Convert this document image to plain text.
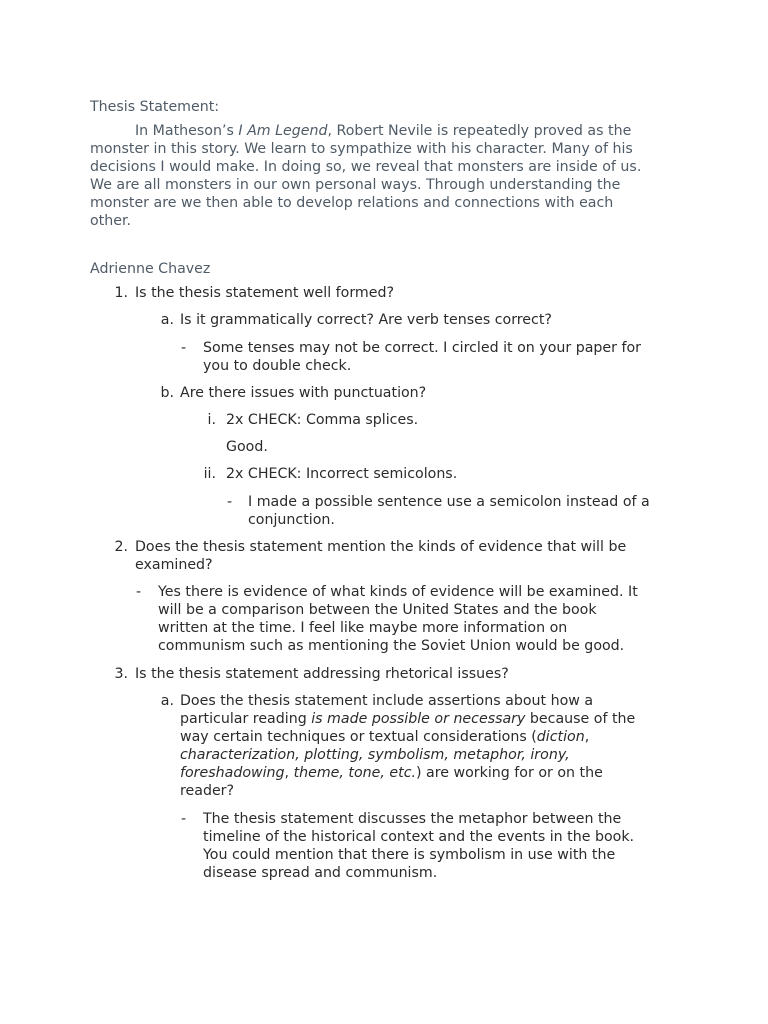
Thesis Statement:
In Matheson’s I Am Legend, Robert Nevile is repeatedly proved as the
monster in this story. We learn to sympathize with his character. Many of his
decisions I would make. In doing so, we reveal that monsters are inside of us.
We are all monsters in our own personal ways. Through understanding the
monster are we then able to develop relations and connections with each
other.
Adrienne Chavez
1. Is the thesis statement well formed?
a. Is it grammatically correct? Are verb tenses correct?
- Some tenses may not be correct. I circled it on your paper for
you to double check.
b. Are there issues with punctuation?
i. 2x CHECK: Comma splices.
Good.
ii. 2x CHECK: Incorrect semicolons.
- I made a possible sentence use a semicolon instead of a
conjunction.
2. Does the thesis statement mention the kinds of evidence that will be
examined?
- Yes there is evidence of what kinds of evidence will be examined. It
will be a comparison between the United States and the book
written at the time. I feel like maybe more information on
communism such as mentioning the Soviet Union would be good.
3. Is the thesis statement addressing rhetorical issues?
a. Does the thesis statement include assertions about how a
particular reading is made possible or necessary because of the
way certain techniques or textual considerations (diction,
characterization, plotting, symbolism, metaphor, irony,
foreshadowing, theme, tone, etc.) are working for or on the
reader?
- The thesis statement discusses the metaphor between the
timeline of the historical context and the events in the book.
You could mention that there is symbolism in use with the
disease spread and communism.
